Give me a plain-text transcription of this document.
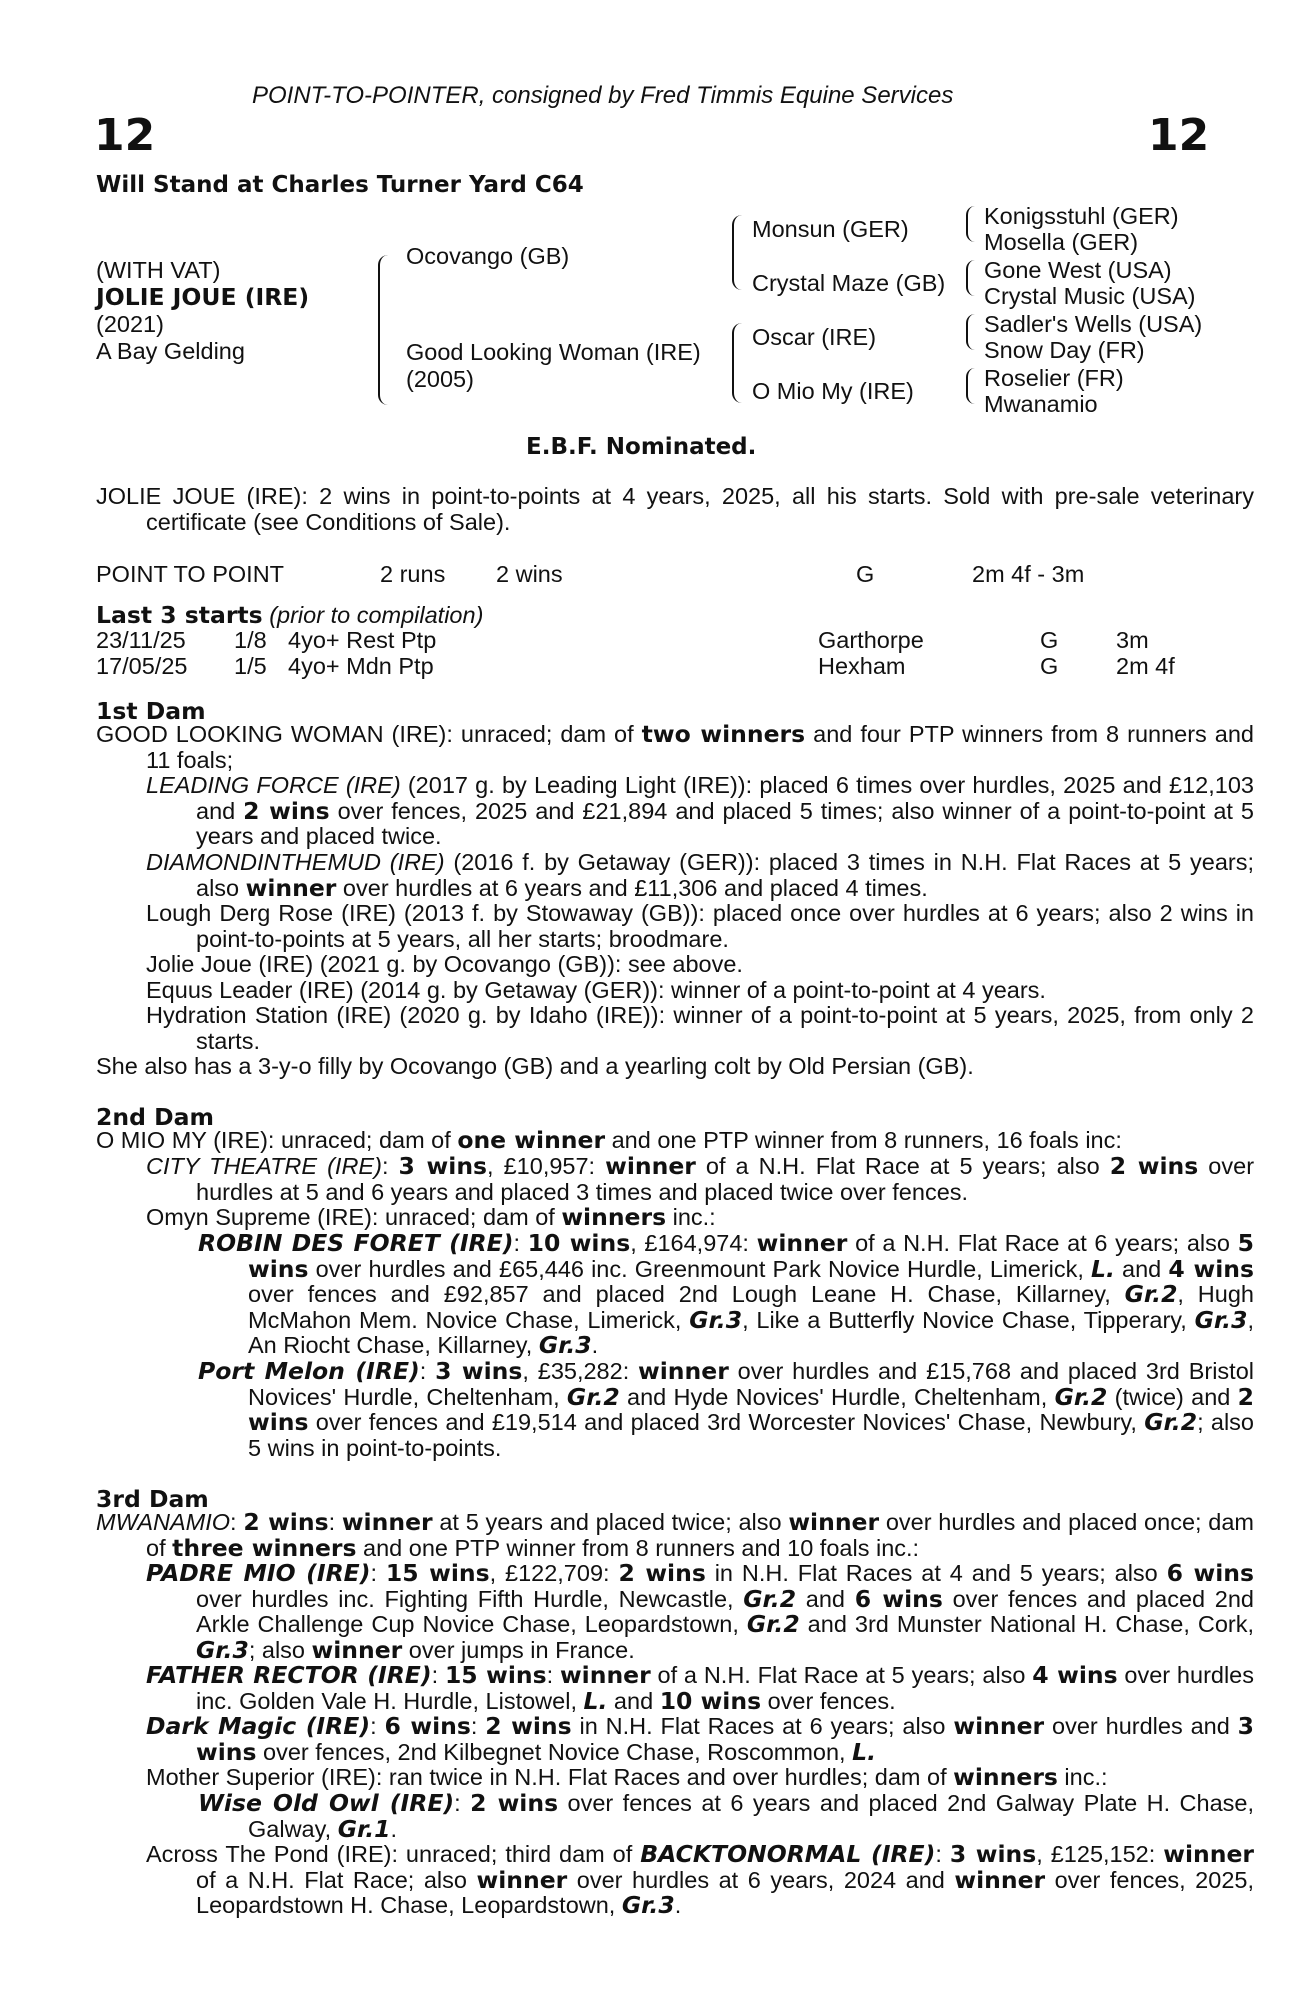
POINT-TO-POINTER, consigned by Fred Timmis Equine Services
12	12
Will Stand at Charles Turner Yard C64
(WITH VAT)
JOLIE JOUE (IRE)
(2021)
A Bay Gelding
Ocovango (GB)
Good Looking Woman (IRE)
(2005)
Monsun (GER)
Crystal Maze (GB)
Oscar (IRE)
O Mio My (IRE)
Konigsstuhl (GER)
Mosella (GER)
Gone West (USA)
Crystal Music (USA)
Sadler's Wells (USA)
Snow Day (FR)
Roselier (FR)
Mwanamio
E.B.F. Nominated.
JOLIE JOUE (IRE): 2 wins in point-to-points at 4 years, 2025, all his starts. Sold with pre-sale veterinary certificate (see Conditions of Sale).
POINT TO POINT	2 runs 2 wins	G	2m 4f - 3m
Last 3 starts (prior to compilation)
23/11/25 1/8 4yo+ Rest Ptp	Garthorpe	G 3m
17/05/25 1/5 4yo+ Mdn Ptp	Hexham	G 2m 4f
1st Dam
GOOD LOOKING WOMAN (IRE): unraced; dam of two winners and four PTP winners from 8 runners and 11 foals;
LEADING FORCE (IRE) (2017 g. by Leading Light (IRE)): placed 6 times over hurdles, 2025 and £12,103 and 2 wins over fences, 2025 and £21,894 and placed 5 times; also winner of a point-to-point at 5 years and placed twice.
DIAMONDINTHEMUD (IRE) (2016 f. by Getaway (GER)): placed 3 times in N.H. Flat Races at 5 years; also winner over hurdles at 6 years and £11,306 and placed 4 times.
Lough Derg Rose (IRE) (2013 f. by Stowaway (GB)): placed once over hurdles at 6 years; also 2 wins in point-to-points at 5 years, all her starts; broodmare.
Jolie Joue (IRE) (2021 g. by Ocovango (GB)): see above.
Equus Leader (IRE) (2014 g. by Getaway (GER)): winner of a point-to-point at 4 years.
Hydration Station (IRE) (2020 g. by Idaho (IRE)): winner of a point-to-point at 5 years, 2025, from only 2 starts.
She also has a 3-y-o filly by Ocovango (GB) and a yearling colt by Old Persian (GB).
2nd Dam
O MIO MY (IRE): unraced; dam of one winner and one PTP winner from 8 runners, 16 foals inc:
CITY THEATRE (IRE): 3 wins, £10,957: winner of a N.H. Flat Race at 5 years; also 2 wins over hurdles at 5 and 6 years and placed 3 times and placed twice over fences.
Omyn Supreme (IRE): unraced; dam of winners inc.:
ROBIN DES FORET (IRE): 10 wins, £164,974: winner of a N.H. Flat Race at 6 years; also 5 wins over hurdles and £65,446 inc. Greenmount Park Novice Hurdle, Limerick, L. and 4 wins over fences and £92,857 and placed 2nd Lough Leane H. Chase, Killarney, Gr.2, Hugh McMahon Mem. Novice Chase, Limerick, Gr.3, Like a Butterfly Novice Chase, Tipperary, Gr.3, An Riocht Chase, Killarney, Gr.3.
Port Melon (IRE): 3 wins, £35,282: winner over hurdles and £15,768 and placed 3rd Bristol Novices' Hurdle, Cheltenham, Gr.2 and Hyde Novices' Hurdle, Cheltenham, Gr.2 (twice) and 2 wins over fences and £19,514 and placed 3rd Worcester Novices' Chase, Newbury, Gr.2; also 5 wins in point-to-points.
3rd Dam
MWANAMIO: 2 wins: winner at 5 years and placed twice; also winner over hurdles and placed once; dam of three winners and one PTP winner from 8 runners and 10 foals inc.:
PADRE MIO (IRE): 15 wins, £122,709: 2 wins in N.H. Flat Races at 4 and 5 years; also 6 wins over hurdles inc. Fighting Fifth Hurdle, Newcastle, Gr.2 and 6 wins over fences and placed 2nd Arkle Challenge Cup Novice Chase, Leopardstown, Gr.2 and 3rd Munster National H. Chase, Cork, Gr.3; also winner over jumps in France.
FATHER RECTOR (IRE): 15 wins: winner of a N.H. Flat Race at 5 years; also 4 wins over hurdles inc. Golden Vale H. Hurdle, Listowel, L. and 10 wins over fences.
Dark Magic (IRE): 6 wins: 2 wins in N.H. Flat Races at 6 years; also winner over hurdles and 3 wins over fences, 2nd Kilbegnet Novice Chase, Roscommon, L.
Mother Superior (IRE): ran twice in N.H. Flat Races and over hurdles; dam of winners inc.:
Wise Old Owl (IRE): 2 wins over fences at 6 years and placed 2nd Galway Plate H. Chase, Galway, Gr.1.
Across The Pond (IRE): unraced; third dam of BACKTONORMAL (IRE): 3 wins, £125,152: winner of a N.H. Flat Race; also winner over hurdles at 6 years, 2024 and winner over fences, 2025, Leopardstown H. Chase, Leopardstown, Gr.3.
